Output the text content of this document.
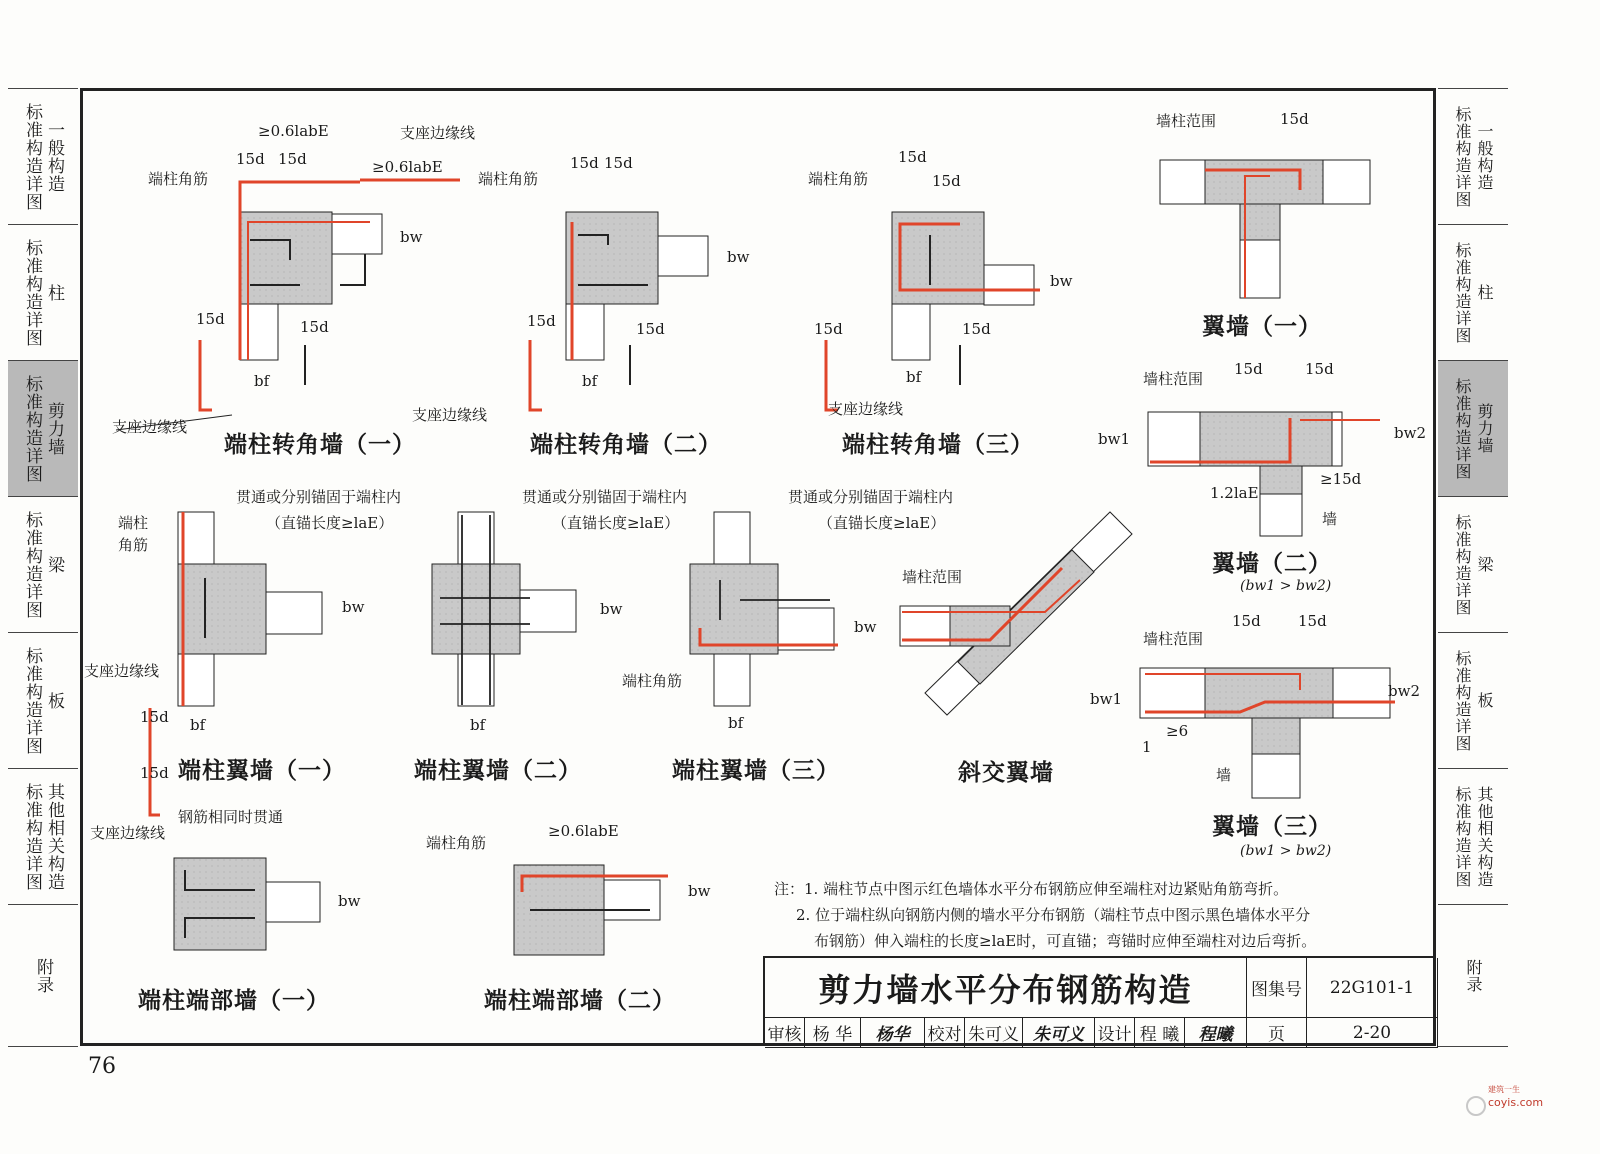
标准构造详图 一般构造
标准构造详图 柱
标准构造详图 剪力墙
标准构造详图 梁
标准构造详图 板
标准构造详图 其他相关构造
附录
标准构造详图 一般构造
标准构造详图 柱
标准构造详图 剪力墙
标准构造详图 梁
标准构造详图 板
标准构造详图 其他相关构造
附录
端柱角筋
支座边缘线
端柱角筋	端柱角筋
支座边缘线
支座边缘线	支座边缘线
15d 15d
≥0.6labE
≥0.6labE	15d 15d	15d
15d
15d	15d	15d	15d	15d	15d
bw
bw
bw
bf	bf	bf
墙柱范围	15d
墙柱范围
15d	15d
bw1	bw2
1.2laE
≥15d
墙
墙柱范围
15d 15d
bw1	bw2
≥6
1
墙
贯通或分别锚固于端柱内
（直锚长度≥laE）
贯通或分别锚固于端柱内
（直锚长度≥laE）
贯通或分别锚固于端柱内
（直锚长度≥laE）
端柱
角筋
支座边缘线
钢筋相同时贯通
支座边缘线
墙柱范围
端柱角筋
bw	bw
bw
bf	bf	bf
15d
15d
端柱角筋
≥0.6labE
bw
bw
端柱转角墙（一）	端柱转角墙（二）	端柱转角墙（三）
翼墙（一）
翼墙（二）
(bw1 > bw2)
端柱翼墙（一）	端柱翼墙（二）	端柱翼墙（三）	斜交翼墙
翼墙（三）
(bw1 > bw2)
端柱端部墙（一）	端柱端部墙（二）
注：1. 端柱节点中图示红色墙体水平分布钢筋应伸至端柱对边紧贴角筋弯折。
2. 位于端柱纵向钢筋内侧的墙水平分布钢筋（端柱节点中图示黑色墙体水平分
布钢筋）伸入端柱的长度≥laE时，可直锚；弯锚时应伸至端柱对边后弯折。
剪力墙水平分布钢筋构造	图集号	22G101-1
审核 杨 华	杨华	校对 朱可义 朱可义 设计 程 曦	程曦	页	2-20
76
建筑一生
coyis.com
